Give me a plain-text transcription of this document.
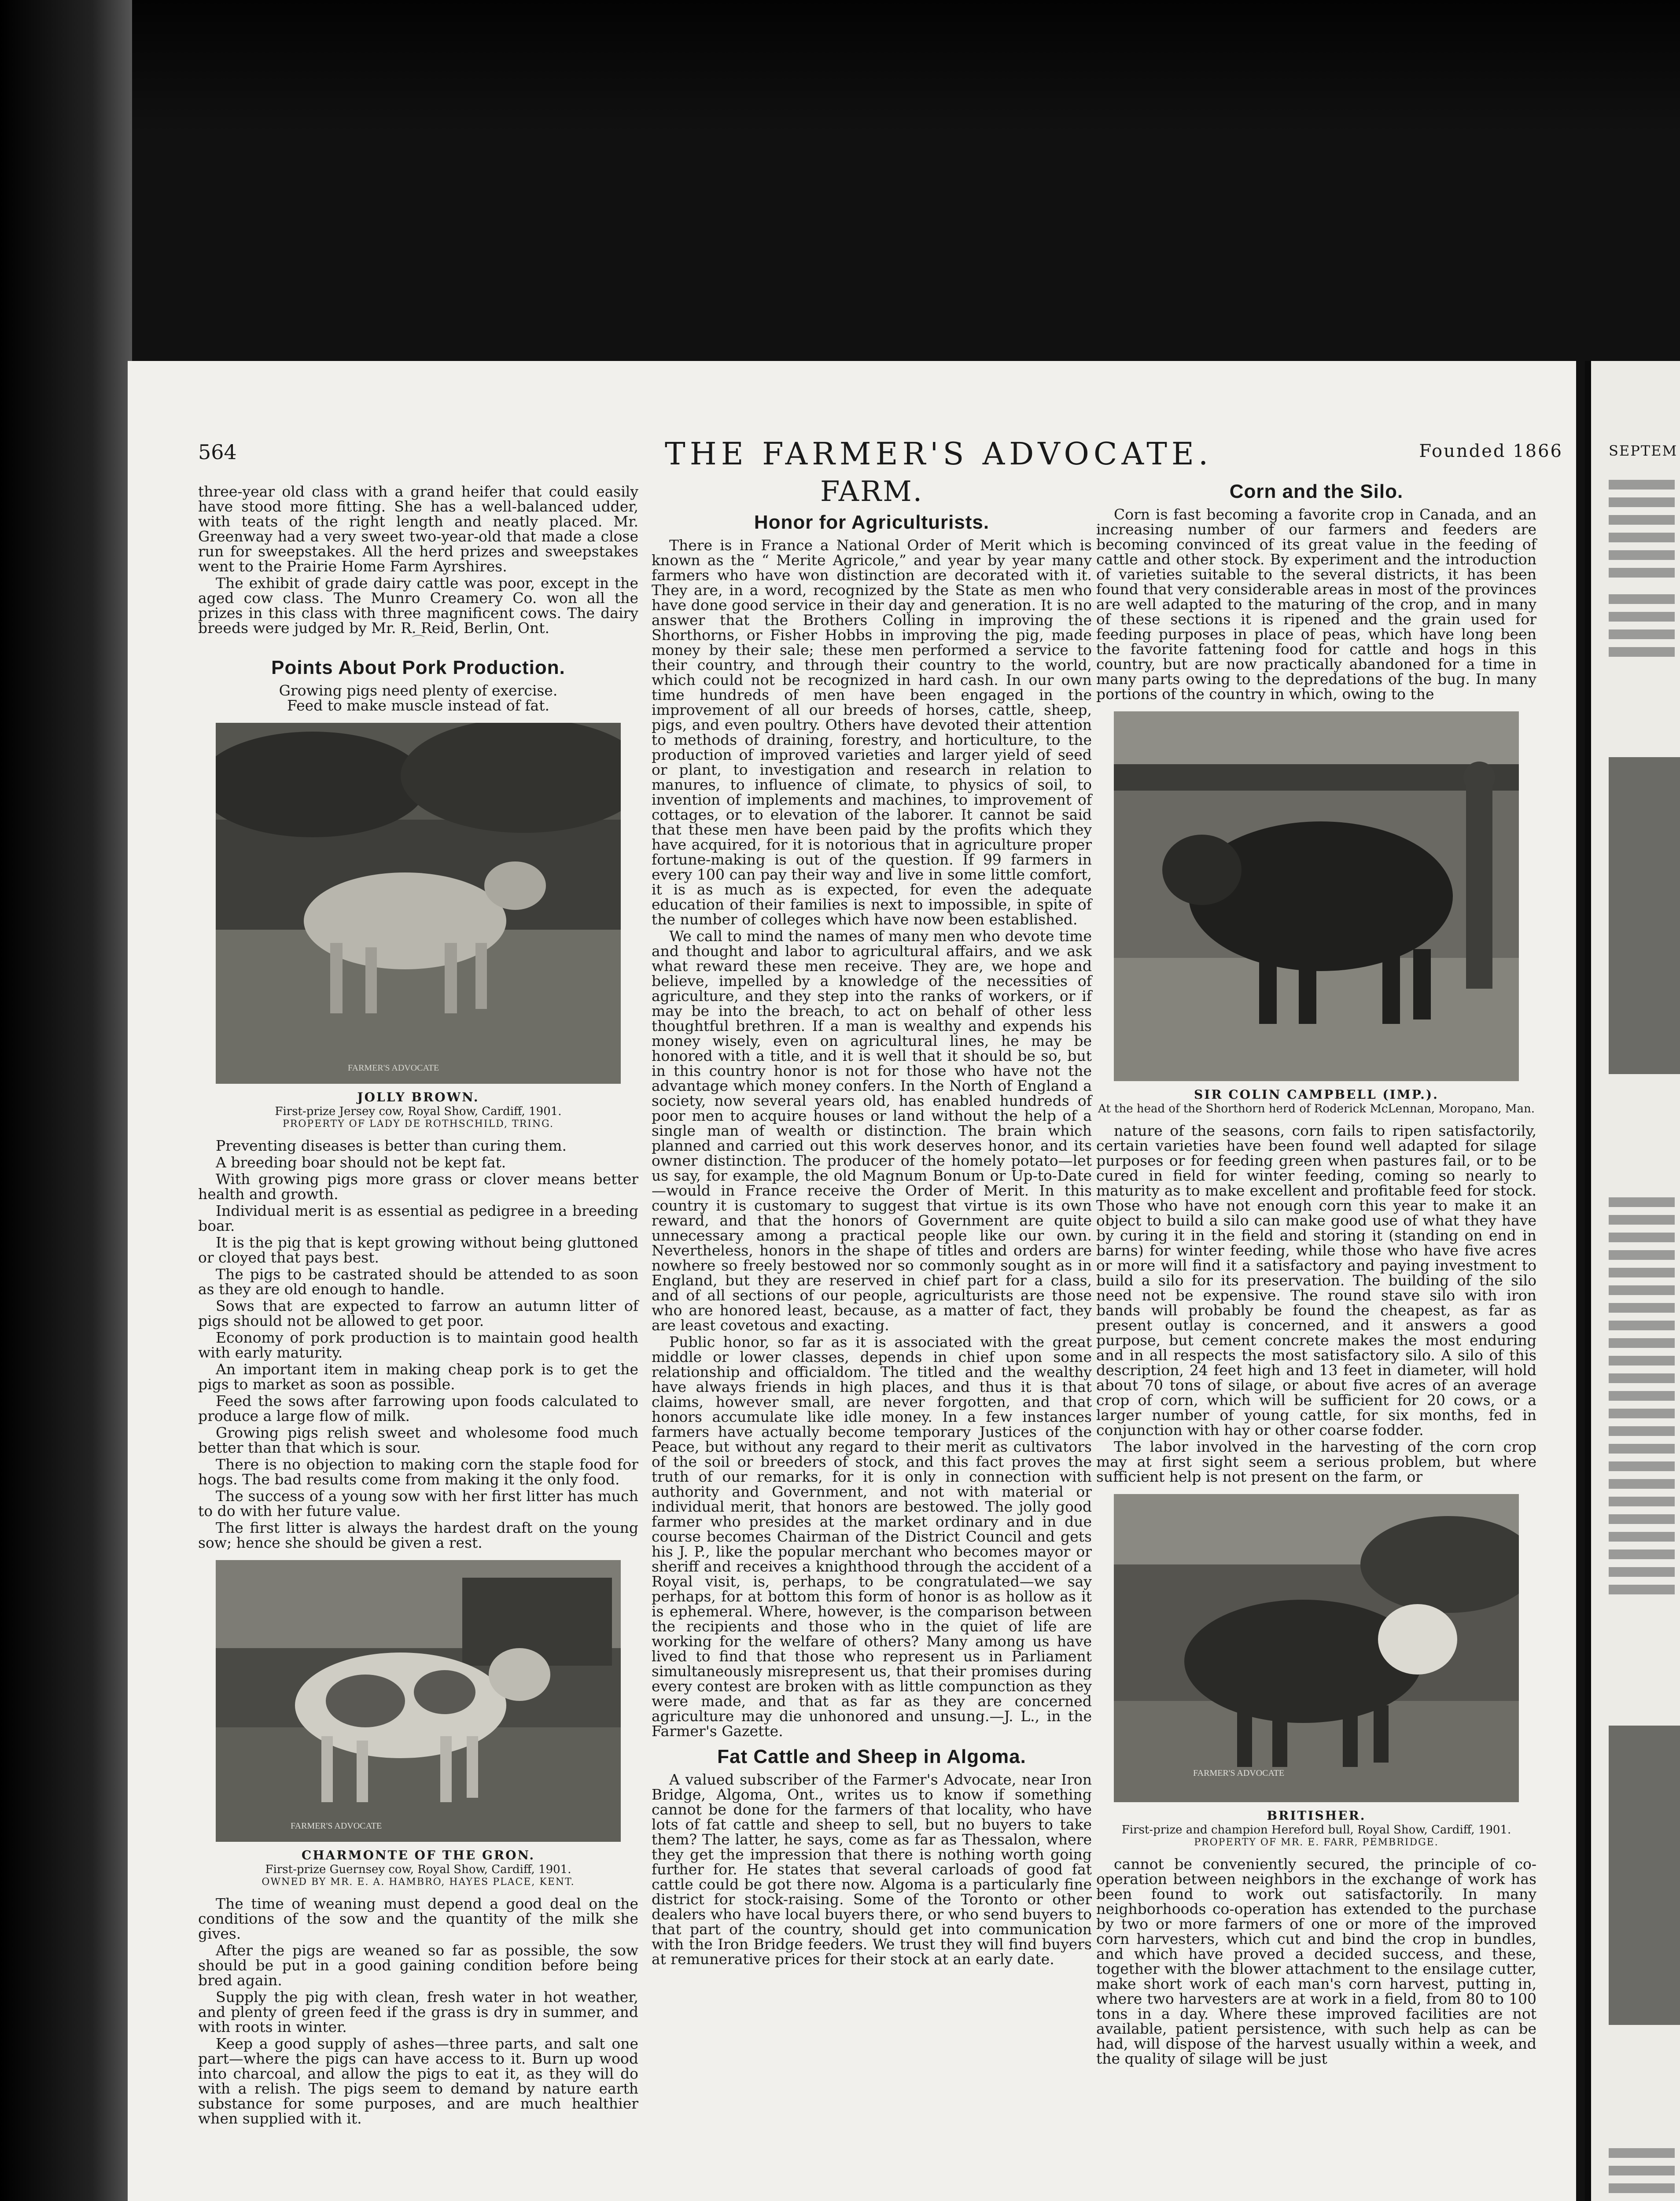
564	THE FARMER'S ADVOCATE.	Founded 1866

three-year old class with a grand heifer that could easily have stood more fitting. She has a well-balanced udder, with teats of the right length and neatly placed. Mr. Greenway had a very sweet two-year-old that made a close run for sweepstakes. All the herd prizes and sweepstakes went to the Prairie Home Farm Ayrshires.

The exhibit of grade dairy cattle was poor, except in the aged cow class. The Munro Creamery Co. won all the prizes in this class with three magnificent cows. The dairy breeds were judged by Mr. R. Reid, Berlin, Ont.

⌒
Points About Pork Production.
Growing pigs need plenty of exercise.
Feed to make muscle instead of fat.
FARMER'S ADVOCATE
JOLLY BROWN.
First-prize Jersey cow, Royal Show, Cardiff, 1901.
PROPERTY OF LADY DE ROTHSCHILD, TRING.

Preventing diseases is better than curing them.

A breeding boar should not be kept fat.

With growing pigs more grass or clover means better health and growth.

Individual merit is as essential as pedigree in a breeding boar.

It is the pig that is kept growing without being gluttoned or cloyed that pays best.

The pigs to be castrated should be attended to as soon as they are old enough to handle.

Sows that are expected to farrow an autumn litter of pigs should not be allowed to get poor.

Economy of pork production is to maintain good health with early maturity.

An important item in making cheap pork is to get the pigs to market as soon as possible.

Feed the sows after farrowing upon foods calculated to produce a large flow of milk.

Growing pigs relish sweet and wholesome food much better than that which is sour.

There is no objection to making corn the staple food for hogs. The bad results come from making it the only food.

The success of a young sow with her first litter has much to do with her future value.

The first litter is always the hardest draft on the young sow; hence she should be given a rest.

FARMER'S ADVOCATE
CHARMONTE OF THE GRON.
First-prize Guernsey cow, Royal Show, Cardiff, 1901.
OWNED BY MR. E. A. HAMBRO, HAYES PLACE, KENT.

The time of weaning must depend a good deal on the conditions of the sow and the quantity of the milk she gives.

After the pigs are weaned so far as possible, the sow should be put in a good gaining condition before being bred again.

Supply the pig with clean, fresh water in hot weather, and plenty of green feed if the grass is dry in summer, and with roots in winter.

Keep a good supply of ashes—three parts, and salt one part—where the pigs can have access to it. Burn up wood into charcoal, and allow the pigs to eat it, as they will do with a relish. The pigs seem to demand by nature earth substance for some purposes, and are much healthier when supplied with it.

FARM.
Honor for Agriculturists.

There is in France a National Order of Merit which is known as the “ Merite Agricole,” and year by year many farmers who have won distinction are decorated with it. They are, in a word, recognized by the State as men who have done good service in their day and generation. It is no answer that the Brothers Colling in improving the Shorthorns, or Fisher Hobbs in improving the pig, made money by their sale; these men performed a service to their country, and through their country to the world, which could not be recognized in hard cash. In our own time hundreds of men have been engaged in the improvement of all our breeds of horses, cattle, sheep, pigs, and even poultry. Others have devoted their attention to methods of draining, forestry, and horticulture, to the production of improved varieties and larger yield of seed or plant, to investigation and research in relation to manures, to influence of climate, to physics of soil, to invention of implements and machines, to improvement of cottages, or to elevation of the laborer. It cannot be said that these men have been paid by the profits which they have acquired, for it is notorious that in agriculture proper fortune-making is out of the question. If 99 farmers in every 100 can pay their way and live in some little comfort, it is as much as is expected, for even the adequate education of their families is next to impossible, in spite of the number of colleges which have now been established.

We call to mind the names of many men who devote time and thought and labor to agricultural affairs, and we ask what reward these men receive. They are, we hope and believe, impelled by a knowledge of the necessities of agriculture, and they step into the ranks of workers, or if may be into the breach, to act on behalf of other less thoughtful brethren. If a man is wealthy and expends his money wisely, even on agricultural lines, he may be honored with a title, and it is well that it should be so, but in this country honor is not for those who have not the advantage which money confers. In the North of England a society, now several years old, has enabled hundreds of poor men to acquire houses or land without the help of a single man of wealth or distinction. The brain which planned and carried out this work deserves honor, and its owner distinction. The producer of the homely potato—let us say, for example, the old Magnum Bonum or Up-to-Date—would in France receive the Order of Merit. In this country it is customary to suggest that virtue is its own reward, and that the honors of Government are quite unnecessary among a practical people like our own. Nevertheless, honors in the shape of titles and orders are nowhere so freely bestowed nor so commonly sought as in England, but they are reserved in chief part for a class, and of all sections of our people, agriculturists are those who are honored least, because, as a matter of fact, they are least covetous and exacting.

Public honor, so far as it is associated with the great middle or lower classes, depends in chief upon some relationship and officialdom. The titled and the wealthy have always friends in high places, and thus it is that claims, however small, are never forgotten, and that honors accumulate like idle money. In a few instances farmers have actually become temporary Justices of the Peace, but without any regard to their merit as cultivators of the soil or breeders of stock, and this fact proves the truth of our remarks, for it is only in connection with authority and Government, and not with material or individual merit, that honors are bestowed. The jolly good farmer who presides at the market ordinary and in due course becomes Chairman of the District Council and gets his J. P., like the popular merchant who becomes mayor or sheriff and receives a knighthood through the accident of a Royal visit, is, perhaps, to be congratulated—we say perhaps, for at bottom this form of honor is as hollow as it is ephemeral. Where, however, is the comparison between the recipients and those who in the quiet of life are working for the welfare of others? Many among us have lived to find that those who represent us in Parliament simultaneously misrepresent us, that their promises during every contest are broken with as little compunction as they were made, and that as far as they are concerned agriculture may die unhonored and unsung.—J. L., in the Farmer's Gazette.

Fat Cattle and Sheep in Algoma.

A valued subscriber of the Farmer's Advocate, near Iron Bridge, Algoma, Ont., writes us to know if something cannot be done for the farmers of that locality, who have lots of fat cattle and sheep to sell, but no buyers to take them? The latter, he says, come as far as Thessalon, where they get the impression that there is nothing worth going further for. He states that several carloads of good fat cattle could be got there now. Algoma is a particularly fine district for stock-raising. Some of the Toronto or other dealers who have local buyers there, or who send buyers to that part of the country, should get into communication with the Iron Bridge feeders. We trust they will find buyers at remunerative prices for their stock at an early date.

Corn and the Silo.

Corn is fast becoming a favorite crop in Canada, and an increasing number of our farmers and feeders are becoming convinced of its great value in the feeding of cattle and other stock. By experiment and the introduction of varieties suitable to the several districts, it has been found that very considerable areas in most of the provinces are well adapted to the maturing of the crop, and in many of these sections it is ripened and the grain used for feeding purposes in place of peas, which have long been the favorite fattening food for cattle and hogs in this country, but are now practically abandoned for a time in many parts owing to the depredations of the bug. In many portions of the country in which, owing to the

SIR COLIN CAMPBELL (IMP.).
At the head of the Shorthorn herd of Roderick McLennan, Moropano, Man.

nature of the seasons, corn fails to ripen satisfactorily, certain varieties have been found well adapted for silage purposes or for feeding green when pastures fail, or to be cured in field for winter feeding, coming so nearly to maturity as to make excellent and profitable feed for stock. Those who have not enough corn this year to make it an object to build a silo can make good use of what they have by curing it in the field and storing it (standing on end in barns) for winter feeding, while those who have five acres or more will find it a satisfactory and paying investment to build a silo for its preservation. The building of the silo need not be expensive. The round stave silo with iron bands will probably be found the cheapest, as far as present outlay is concerned, and it answers a good purpose, but cement concrete makes the most enduring and in all respects the most satisfactory silo. A silo of this description, 24 feet high and 13 feet in diameter, will hold about 70 tons of silage, or about five acres of an average crop of corn, which will be sufficient for 20 cows, or a larger number of young cattle, for six months, fed in conjunction with hay or other coarse fodder.

The labor involved in the harvesting of the corn crop may at first sight seem a serious problem, but where sufficient help is not present on the farm, or

FARMER'S ADVOCATE
BRITISHER.
First-prize and champion Hereford bull, Royal Show, Cardiff, 1901.
PROPERTY OF MR. E. FARR, PEMBRIDGE.

cannot be conveniently secured, the principle of co-operation between neighbors in the exchange of work has been found to work out satisfactorily. In many neighborhoods co-operation has extended to the purchase by two or more farmers of one or more of the improved corn harvesters, which cut and bind the crop in bundles, and which have proved a decided success, and these, together with the blower attachment to the ensilage cutter, make short work of each man's corn harvest, putting in, where two harvesters are at work in a field, from 80 to 100 tons in a day. Where these improved facilities are not available, patient persistence, with such help as can be had, will dispose of the harvest usually within a week, and the quality of silage will be just

SEPTEM
